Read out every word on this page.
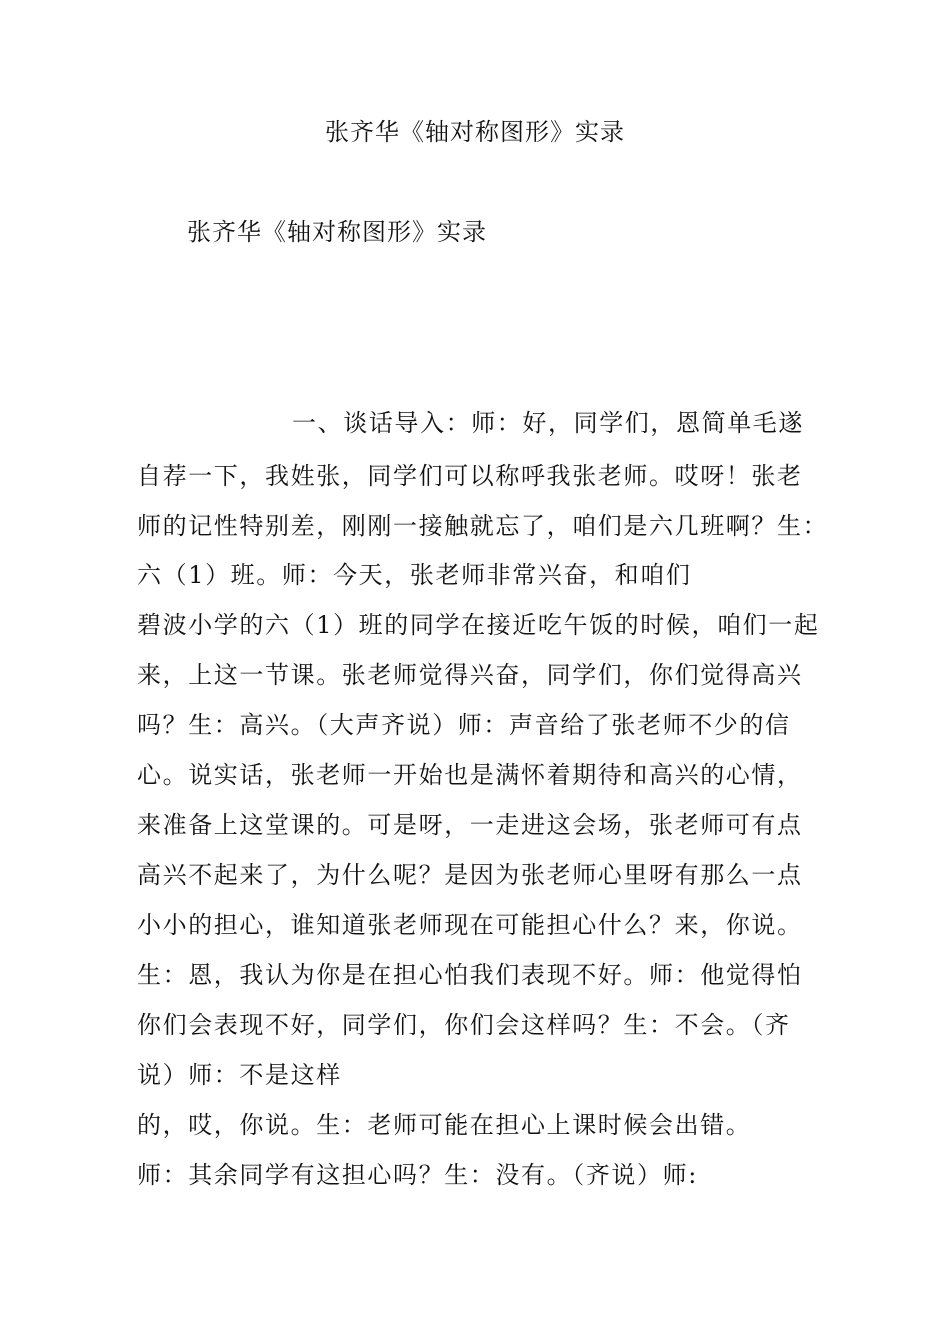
张齐华《轴对称图形》实录
张齐华《轴对称图形》实录
一、谈话导入：师：好，同学们，恩简单毛遂
自荐一下，我姓张，同学们可以称呼我张老师。哎呀！张老
师的记性特别差，刚刚一接触就忘了，咱们是六几班啊？生：
六（1）班。师：今天，张老师非常兴奋，和咱们
碧波小学的六（1）班的同学在接近吃午饭的时候，咱们一起
来，上这一节课。张老师觉得兴奋，同学们，你们觉得高兴
吗？生：高兴。（大声齐说）师：声音给了张老师不少的信
心。说实话，张老师一开始也是满怀着期待和高兴的心情，
来准备上这堂课的。可是呀，一走进这会场，张老师可有点
高兴不起来了，为什么呢？是因为张老师心里呀有那么一点
小小的担心，谁知道张老师现在可能担心什么？来，你说。
生：恩，我认为你是在担心怕我们表现不好。师：他觉得怕
你们会表现不好，同学们，你们会这样吗？生：不会。（齐
说）师：不是这样
的，哎，你说。生：老师可能在担心上课时候会出错。
师：其余同学有这担心吗？生：没有。（齐说）师:
